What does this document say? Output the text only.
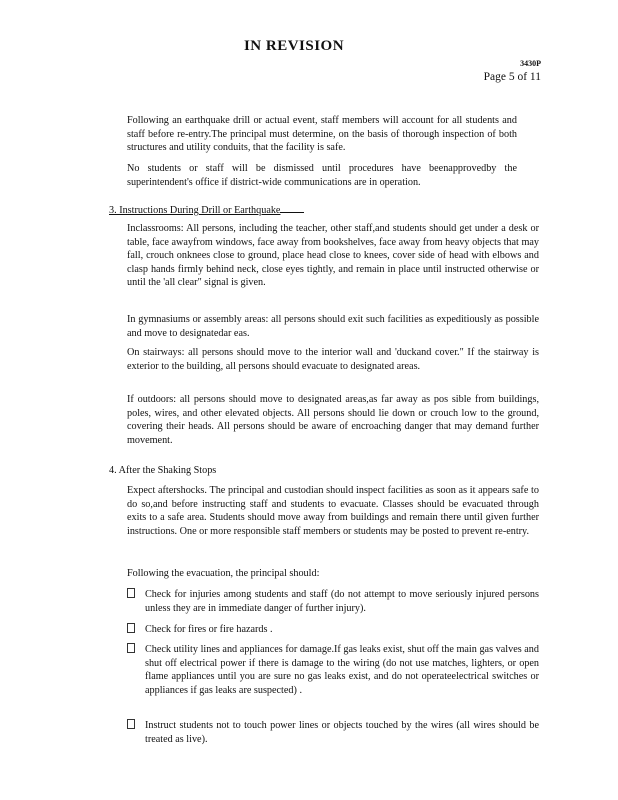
IN REVISION
3430P
Page 5 of 11

Following an earthquake drill or actual event, staff members will account for all students and staff before re-entry.The principal must determine, on the basis of thorough inspection of both structures and utility conduits, that the facility is safe.

No students or staff will be dismissed until procedures have beenapprovedby the superintendent's office if district-wide communications are in operation.

3. Instructions During Drill or Earthquake

Inclassrooms: All persons, including the teacher, other staff,and students should get under a desk or table, face awayfrom windows, face away from bookshelves, face away from heavy objects that may fall, crouch onknees close to ground, place head close to knees, cover side of head with elbows and clasp hands firmly behind neck, close eyes tightly, and remain in place until instructed otherwise or until the 'all clear" signal is given.

In gymnasiums or assembly areas: all persons should exit such facilities as expeditiously as possible and move to designatedar eas.

On stairways: all persons should move to the interior wall and 'duckand cover." If the stairway is exterior to the building, all persons should evacuate to designated areas.

If outdoors: all persons should move to designated areas,as far away as pos sible from buildings, poles, wires, and other elevated objects. All persons should lie down or crouch low to the ground, covering their heads. All persons should be aware of encroaching danger that may demand further movement.

4. After the Shaking Stops

Expect aftershocks. The principal and custodian should inspect facilities as soon as it appears safe to do so,and before instructing staff and students to evacuate. Classes should be evacuated through exits to a safe area. Students should move away from buildings and remain there until given further instructions. One or more responsible staff members or students may be posted to prevent re-entry.

Following the evacuation, the principal should:

Check for injuries among students and staff (do not attempt to move seriously injured persons unless they are in immediate danger of further injury).

Check for fires or fire hazards .

Check utility lines and appliances for damage.If gas leaks exist, shut off the main gas valves and shut off electrical power if there is damage to the wiring (do not use matches, lighters, or open flame appliances until you are sure no gas leaks exist, and do not operateelectrical switches or appliances if gas leaks are suspected) .

Instruct students not to touch power lines or objects touched by the wires (all wires should be treated as live).
